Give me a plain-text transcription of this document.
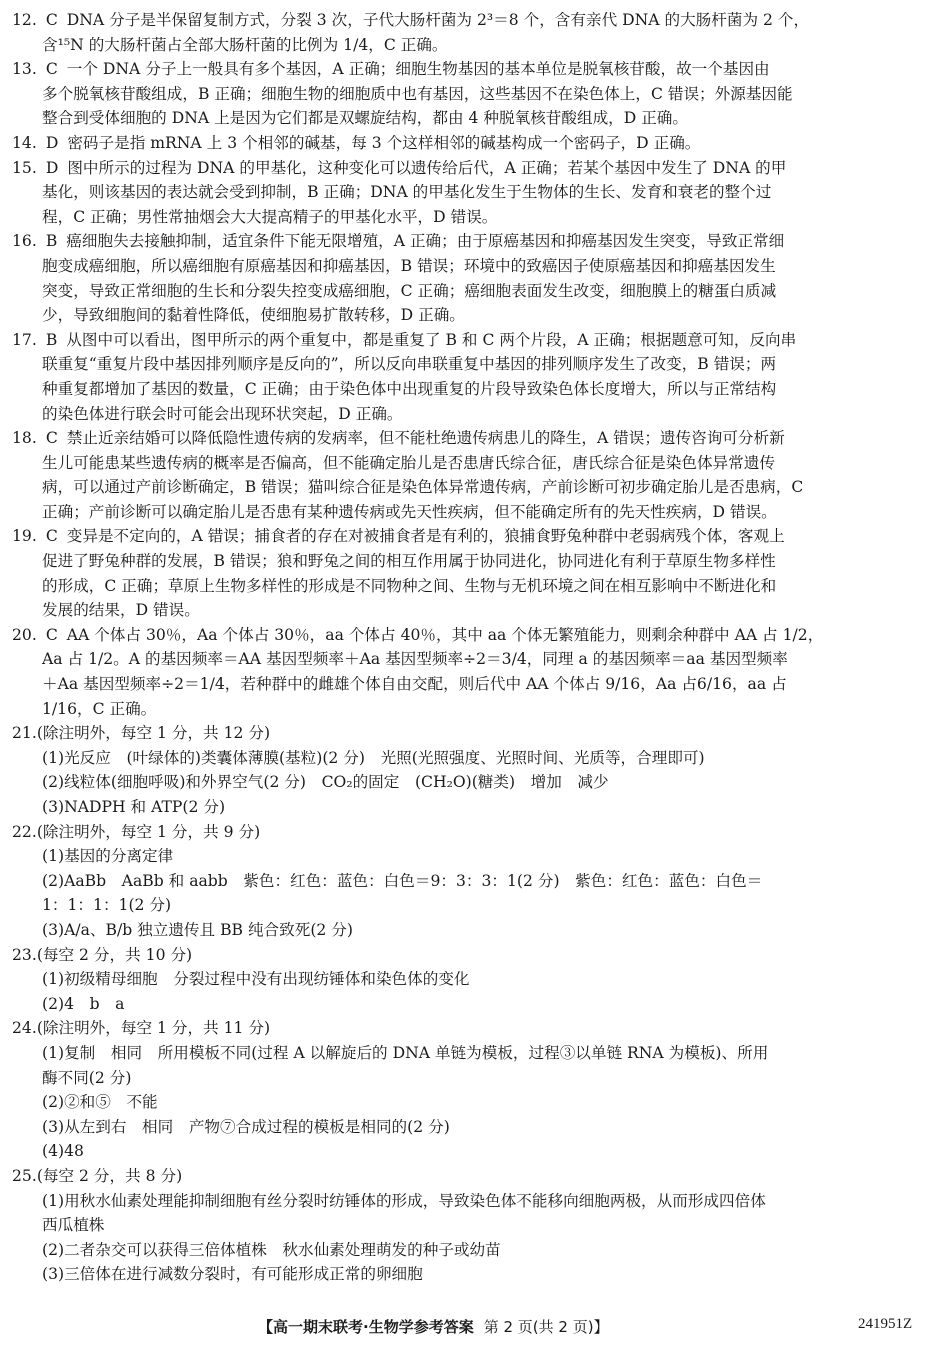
12. C DNA 分子是半保留复制方式，分裂 3 次，子代大肠杆菌为 2³＝8 个，含有亲代 DNA 的大肠杆菌为 2 个，
含¹⁵N 的大肠杆菌占全部大肠杆菌的比例为 1/4，C 正确。
13. C 一个 DNA 分子上一般具有多个基因，A 正确；细胞生物基因的基本单位是脱氧核苷酸，故一个基因由
多个脱氧核苷酸组成，B 正确；细胞生物的细胞质中也有基因，这些基因不在染色体上，C 错误；外源基因能
整合到受体细胞的 DNA 上是因为它们都是双螺旋结构，都由 4 种脱氧核苷酸组成，D 正确。
14. D 密码子是指 mRNA 上 3 个相邻的碱基，每 3 个这样相邻的碱基构成一个密码子，D 正确。
15. D 图中所示的过程为 DNA 的甲基化，这种变化可以遗传给后代，A 正确；若某个基因中发生了 DNA 的甲
基化，则该基因的表达就会受到抑制，B 正确；DNA 的甲基化发生于生物体的生长、发育和衰老的整个过
程，C 正确；男性常抽烟会大大提高精子的甲基化水平，D 错误。
16. B 癌细胞失去接触抑制，适宜条件下能无限增殖，A 正确；由于原癌基因和抑癌基因发生突变，导致正常细
胞变成癌细胞，所以癌细胞有原癌基因和抑癌基因，B 错误；环境中的致癌因子使原癌基因和抑癌基因发生
突变，导致正常细胞的生长和分裂失控变成癌细胞，C 正确；癌细胞表面发生改变，细胞膜上的糖蛋白质减
少，导致细胞间的黏着性降低，使细胞易扩散转移，D 正确。
17. B 从图中可以看出，图甲所示的两个重复中，都是重复了 B 和 C 两个片段，A 正确；根据题意可知，反向串
联重复“重复片段中基因排列顺序是反向的”，所以反向串联重复中基因的排列顺序发生了改变，B 错误；两
种重复都增加了基因的数量，C 正确；由于染色体中出现重复的片段导致染色体长度增大，所以与正常结构
的染色体进行联会时可能会出现环状突起，D 正确。
18. C 禁止近亲结婚可以降低隐性遗传病的发病率，但不能杜绝遗传病患儿的降生，A 错误；遗传咨询可分析新
生儿可能患某些遗传病的概率是否偏高，但不能确定胎儿是否患唐氏综合征，唐氏综合征是染色体异常遗传
病，可以通过产前诊断确定，B 错误；猫叫综合征是染色体异常遗传病，产前诊断可初步确定胎儿是否患病，C
正确；产前诊断可以确定胎儿是否患有某种遗传病或先天性疾病，但不能确定所有的先天性疾病，D 错误。
19. C 变异是不定向的，A 错误；捕食者的存在对被捕食者是有利的，狼捕食野兔种群中老弱病残个体，客观上
促进了野兔种群的发展，B 错误；狼和野兔之间的相互作用属于协同进化，协同进化有利于草原生物多样性
的形成，C 正确；草原上生物多样性的形成是不同物种之间、生物与无机环境之间在相互影响中不断进化和
发展的结果，D 错误。
20. C AA 个体占 30％，Aa 个体占 30％，aa 个体占 40％，其中 aa 个体无繁殖能力，则剩余种群中 AA 占 1/2，
Aa 占 1/2。A 的基因频率＝AA 基因型频率＋Aa 基因型频率÷2＝3/4，同理 a 的基因频率＝aa 基因型频率
＋Aa 基因型频率÷2＝1/4，若种群中的雌雄个体自由交配，则后代中 AA 个体占 9/16，Aa 占6/16，aa 占
1/16，C 正确。
21.(除注明外，每空 1 分，共 12 分)
(1)光反应　(叶绿体的)类囊体薄膜(基粒)(2 分)　光照(光照强度、光照时间、光质等，合理即可)
(2)线粒体(细胞呼吸)和外界空气(2 分)　CO₂的固定　(CH₂O)(糖类)　增加　减少
(3)NADPH 和 ATP(2 分)
22.(除注明外，每空 1 分，共 9 分)
(1)基因的分离定律
(2)AaBb　AaBb 和 aabb　紫色：红色：蓝色：白色＝9：3：3：1(2 分)　紫色：红色：蓝色：白色＝
1：1：1：1(2 分)
(3)A/a、B/b 独立遗传且 BB 纯合致死(2 分)
23.(每空 2 分，共 10 分)
(1)初级精母细胞　分裂过程中没有出现纺锤体和染色体的变化
(2)4　b　a
24.(除注明外，每空 1 分，共 11 分)
(1)复制　相同　所用模板不同(过程 A 以解旋后的 DNA 单链为模板，过程③以单链 RNA 为模板)、所用
酶不同(2 分)
(2)②和⑤　不能
(3)从左到右　相同　产物⑦合成过程的模板是相同的(2 分)
(4)48
25.(每空 2 分，共 8 分)
(1)用秋水仙素处理能抑制细胞有丝分裂时纺锤体的形成，导致染色体不能移向细胞两极，从而形成四倍体
西瓜植株
(2)二者杂交可以获得三倍体植株　秋水仙素处理萌发的种子或幼苗
(3)三倍体在进行减数分裂时，有可能形成正常的卵细胞
【高一期末联考·生物学参考答案 第 2 页(共 2 页)】	241951Z
